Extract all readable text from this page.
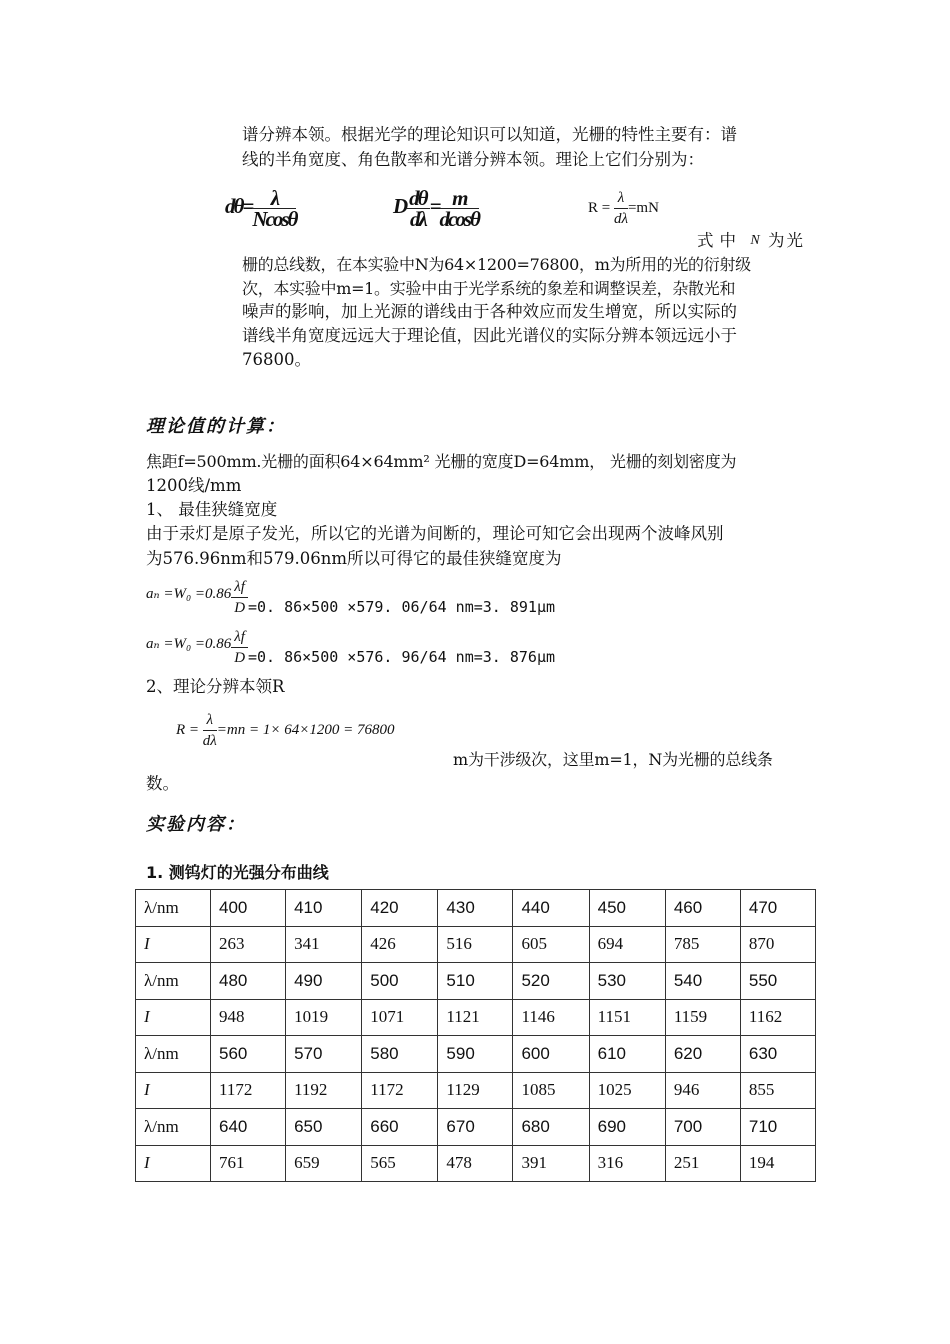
谱分辨本领。根据光学的理论知识可以知道，光栅的特性主要有：谱
线的半角宽度、角色散率和光谱分辨本领。理论上它们分别为：
$d\theta= \frac{\lambda}{Ncos\theta}$	D $\frac{d\theta}{d\lambda} = \frac{m}{dcos\theta}$	$R = \frac{\lambda}{d\lambda} =mN$
式中 N 为光
栅的总线数，在本实验中N为64×1200=76800，m为所用的光的衍射级
次，本实验中m=1。实验中由于光学系统的象差和调整误差，杂散光和
噪声的影响，加上光源的谱线由于各种效应而发生增宽，所以实际的
谱线半角宽度远远大于理论值，因此光谱仪的实际分辨本领远远小于
76800。
理论值的计算：
焦距f=500mm.光栅的面积64×64mm² 光栅的宽度D=64mm， 光栅的刻划密度为
1200线/mm
1、 最佳狭缝宽度
由于汞灯是原子发光，所以它的光谱为间断的，理论可知它会出现两个波峰风别
为576.96nm和579.06nm所以可得它的最佳狭缝宽度为
$a_n =W_0 =0.86 \frac{\lambda f}{D} =0$. 86×500 ×579. 06/64 nm=3. 891μm
$a_n =W_0 =0.86 \frac{\lambda f}{D} =0$. 86×500 ×576. 96/64 nm=3. 876μm
2、理论分辨本领R
$R = \frac{\lambda}{d\lambda} =mn = 1\times 64\times 1200 = 76800$
m为干涉级次，这里m=1，N为光栅的总线条
数。
实验内容：
1. 测钨灯的光强分布曲线
λ/nm	400	410	420	430	440	450	460	470
I	263	341	426	516	605	694	785	870
λ/nm	480	490	500	510	520	530	540	550
I	948	1019	1071	1121	1146	1151	1159	1162
λ/nm	560	570	580	590	600	610	620	630
I	1172	1192	1172	1129	1085	1025	946	855
λ/nm	640	650	660	670	680	690	700	710
I	761	659	565	478	391	316	251	194
